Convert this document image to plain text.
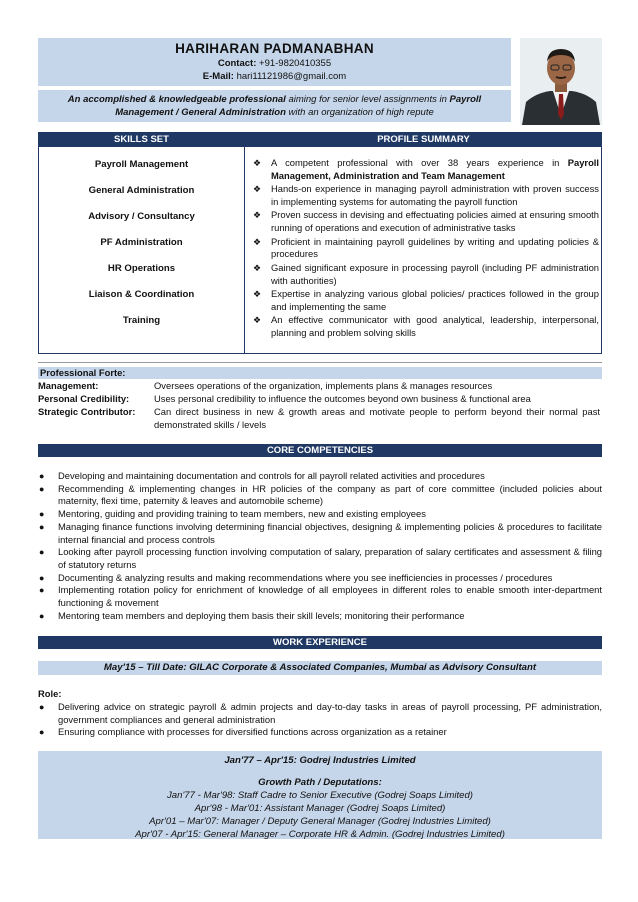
HARIHARAN PADMANABHAN
Contact: +91-9820410355
E-Mail: hari11121986@gmail.com
An accomplished & knowledgeable professional aiming for senior level assignments in Payroll Management / General Administration with an organization of high repute
SKILLS SET	PROFILE SUMMARY
Payroll Management
General Administration
Advisory / Consultancy
PF Administration
HR Operations
Liaison & Coordination
Training
❖ A competent professional with over 38 years experience in Payroll Management, Administration and Team Management
❖ Hands-on experience in managing payroll administration with proven success in implementing systems for automating the payroll function
❖ Proven success in devising and effectuating policies aimed at ensuring smooth running of operations and execution of administrative tasks
❖ Proficient in maintaining payroll guidelines by writing and updating policies & procedures
❖ Gained significant exposure in processing payroll (including PF administration with authorities)
❖ Expertise in analyzing various global policies/ practices followed in the group and implementing the same
❖ An effective communicator with good analytical, leadership, interpersonal, planning and problem solving skills
Professional Forte:
Management:	Oversees operations of the organization, implements plans & manages resources
Personal Credibility:	Uses personal credibility to influence the outcomes beyond own business & functional area
Strategic Contributor: Can direct business in new & growth areas and motivate people to perform beyond their normal past demonstrated skills / levels
CORE COMPETENCIES
● Developing and maintaining documentation and controls for all payroll related activities and procedures
● Recommending & implementing changes in HR policies of the company as part of core committee (included policies about maternity, flexi time, paternity & leaves and automobile scheme)
● Mentoring, guiding and providing training to team members, new and existing employees
● Managing finance functions involving determining financial objectives, designing & implementing policies & procedures to facilitate internal financial and process controls
● Looking after payroll processing function involving computation of salary, preparation of salary certificates and assessment & filing of statutory returns
● Documenting & analyzing results and making recommendations where you see inefficiencies in processes / procedures
● Implementing rotation policy for enrichment of knowledge of all employees in different roles to enable smooth inter-department functioning & movement
● Mentoring team members and deploying them basis their skill levels; monitoring their performance
WORK EXPERIENCE
May'15 – Till Date: GILAC Corporate & Associated Companies, Mumbai as Advisory Consultant
Role:
● Delivering advice on strategic payroll & admin projects and day-to-day tasks in areas of payroll processing, PF administration, government compliances and general administration
● Ensuring compliance with processes for diversified functions across organization as a retainer
Jan'77 – Apr'15: Godrej Industries Limited
Growth Path / Deputations:
Jan'77 - Mar'98: Staff Cadre to Senior Executive (Godrej Soaps Limited)
Apr'98 - Mar'01: Assistant Manager (Godrej Soaps Limited)
Apr'01 – Mar'07: Manager / Deputy General Manager (Godrej Industries Limited)
Apr'07 - Apr'15: General Manager – Corporate HR & Admin. (Godrej Industries Limited)
